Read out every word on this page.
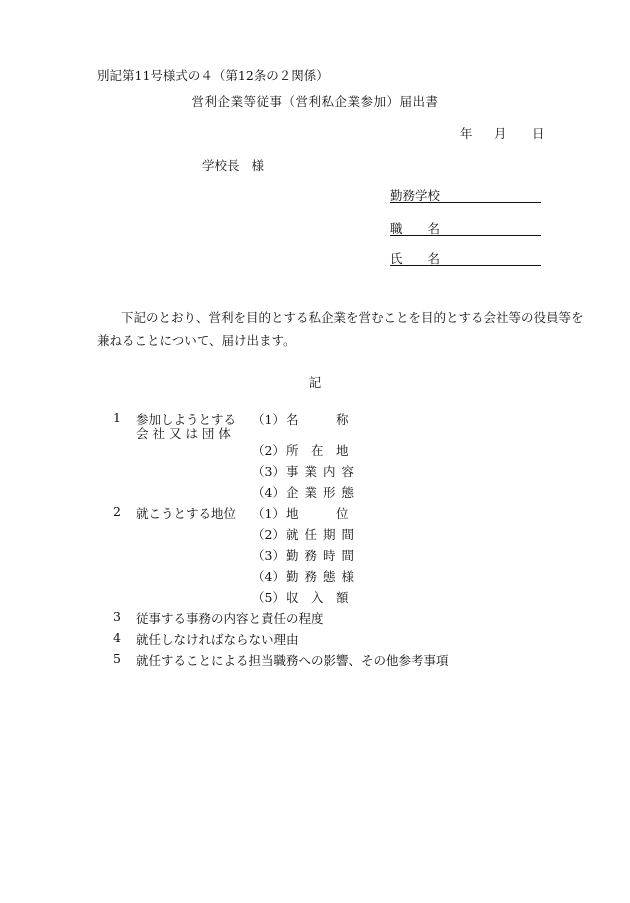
別記第11号様式の４（第12条の２関係）
営利企業等従事（営利私企業参加）届出書
年 月 日
学校長 様
勤務学校
職　　名
氏　　名
下記のとおり、営利を目的とする私企業を営むことを目的とする会社等の役員等を兼ねることについて、届け出ます。
記
1 参加しようとする
会 社 又 は 団 体
（1） 名　　　称
（2） 所　在　地
（3） 事業内容
（4） 企業形態
2 就こうとする地位 （1） 地　　　位
（2） 就任期間
（3） 勤務時間
（4） 勤務態様
（5） 収　入　額
3 従事する事務の内容と責任の程度
4 就任しなければならない理由
5 就任することによる担当職務への影響、その他参考事項
